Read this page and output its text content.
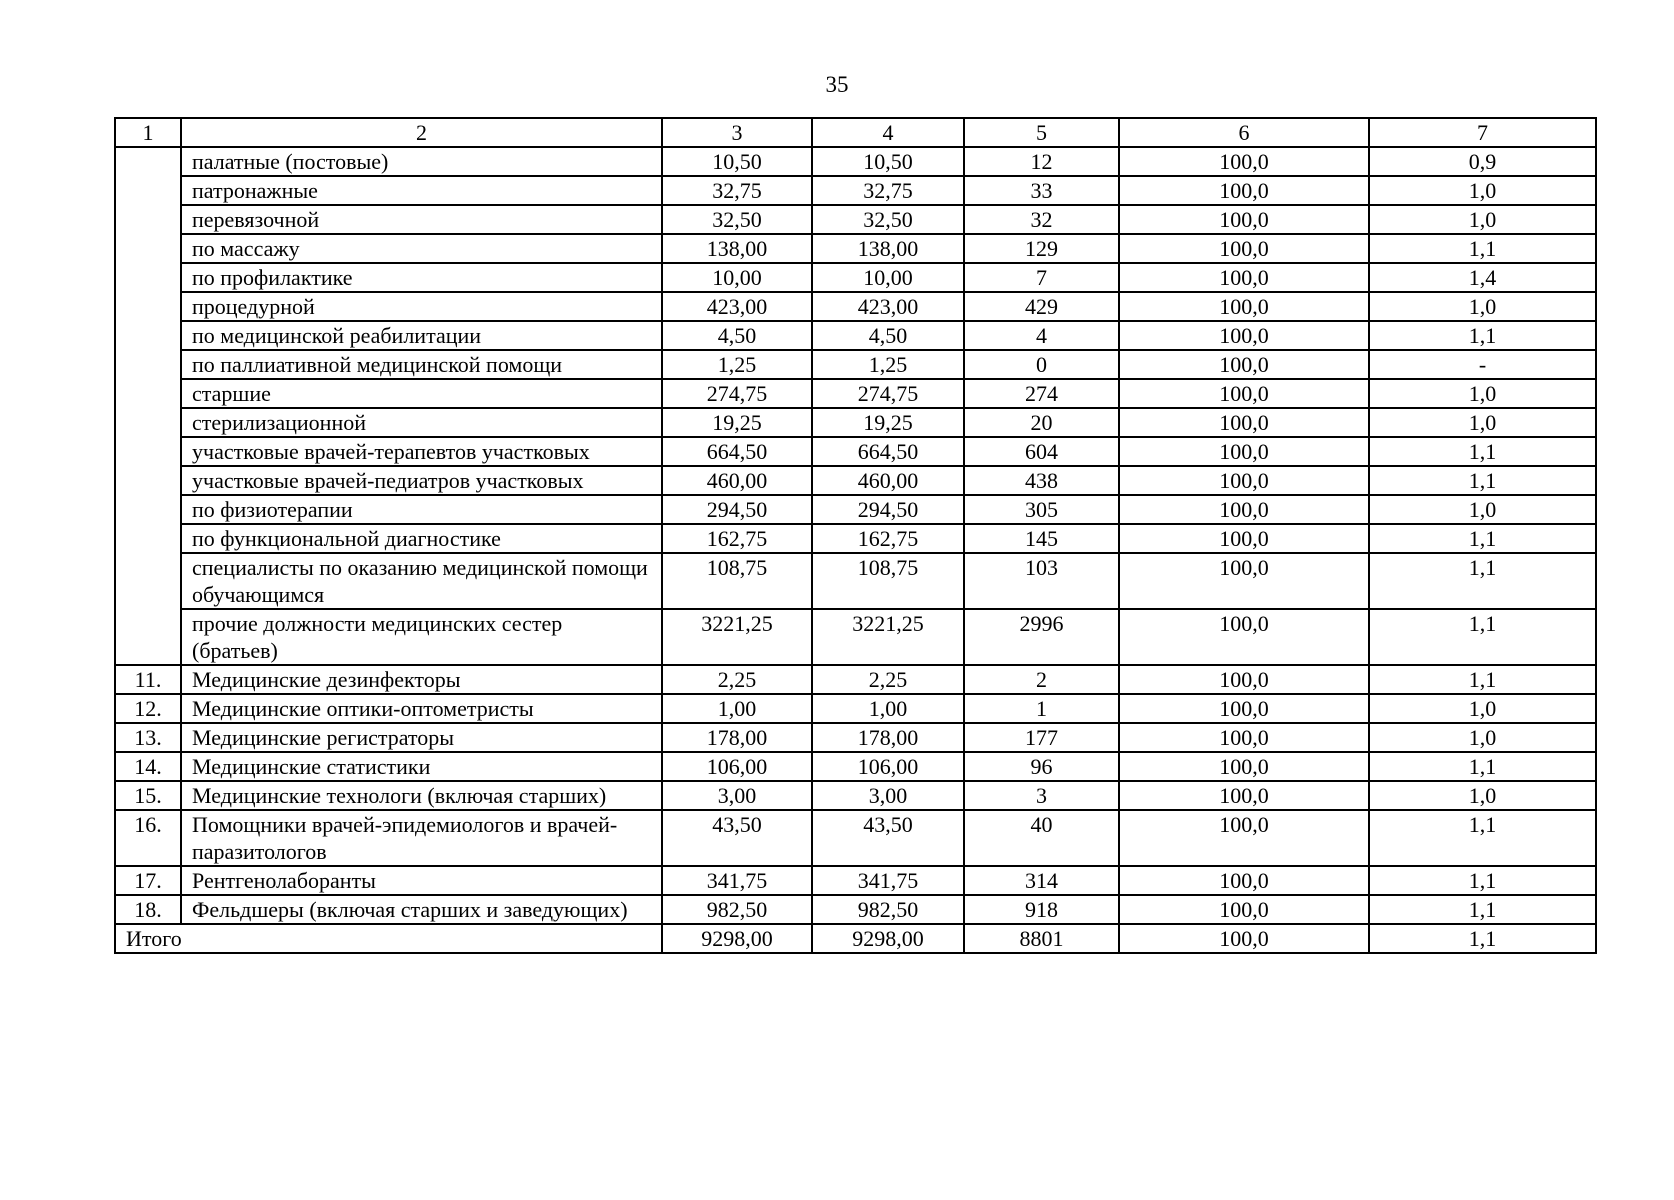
35
1	2	3	4	5	6	7
	палатные (постовые)	10,50	10,50	12	100,0	0,9
	патронажные	32,75	32,75	33	100,0	1,0
	перевязочной	32,50	32,50	32	100,0	1,0
	по массажу	138,00	138,00	129	100,0	1,1
	по профилактике	10,00	10,00	7	100,0	1,4
	процедурной	423,00	423,00	429	100,0	1,0
	по медицинской реабилитации	4,50	4,50	4	100,0	1,1
	по паллиативной медицинской помощи	1,25	1,25	0	100,0	-
	старшие	274,75	274,75	274	100,0	1,0
	стерилизационной	19,25	19,25	20	100,0	1,0
	участковые врачей-терапевтов участковых	664,50	664,50	604	100,0	1,1
	участковые врачей-педиатров участковых	460,00	460,00	438	100,0	1,1
	по физиотерапии	294,50	294,50	305	100,0	1,0
	по функциональной диагностике	162,75	162,75	145	100,0	1,1
	специалисты по оказанию медицинской помощи обучающимся	108,75	108,75	103	100,0	1,1
	прочие должности медицинских сестер (братьев)	3221,25	3221,25	2996	100,0	1,1
11.	Медицинские дезинфекторы	2,25	2,25	2	100,0	1,1
12.	Медицинские оптики-оптометристы	1,00	1,00	1	100,0	1,0
13.	Медицинские регистраторы	178,00	178,00	177	100,0	1,0
14.	Медицинские статистики	106,00	106,00	96	100,0	1,1
15.	Медицинские технологи (включая старших)	3,00	3,00	3	100,0	1,0
16.	Помощники врачей-эпидемиологов и врачей-паразитологов	43,50	43,50	40	100,0	1,1
17.	Рентгенолаборанты	341,75	341,75	314	100,0	1,1
18.	Фельдшеры (включая старших и заведующих)	982,50	982,50	918	100,0	1,1
Итого		9298,00	9298,00	8801	100,0	1,1
